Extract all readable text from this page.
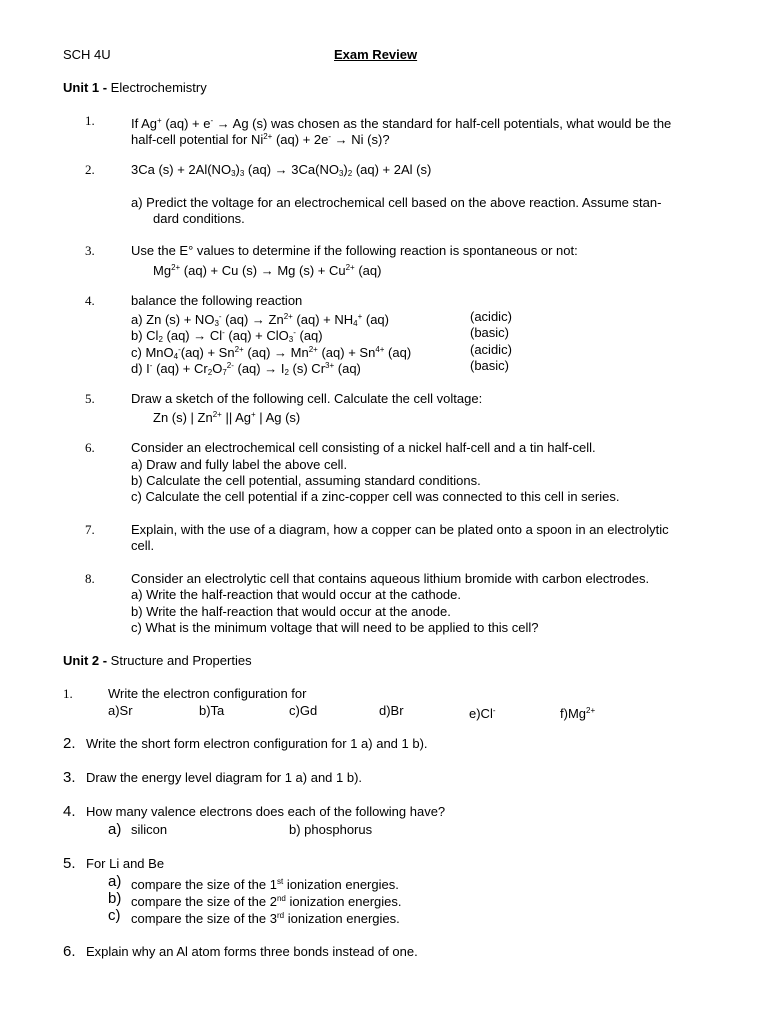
SCH 4U	Exam Review
Unit 1 - Electrochemistry
1.	If Ag+ (aq) + e- → Ag (s) was chosen as the standard for half-cell potentials, what would be the
half-cell potential for $Ni^{2+}$ (aq) + 2e- → Ni (s)?
2.	3Ca $(s) + 2Al(NO_3)_3$ $(aq) \to 3Ca(NO_3)_2$ (aq) + 2Al (s)
a) Predict the voltage for an electrochemical cell based on the above reaction. Assume stan-
dard conditions.
3.	Use the E° values to determine if the following reaction is spontaneous or not:
$Mg^{2+}$ (aq) + Cu (s) → Mg $(s) + Cu^{2+}$ (aq)
4.	balance the following reaction
a) Zn $(s) + NO_3^-$ $(aq) \to Zn^{2+}$ $(aq) + NH_4^+$ (aq)	(acidic)
b) $Cl_2$ (aq) → Cl- (aq) + ClO$_3$- (aq)	(basic)
c) $MnO_4^-(aq) + Sn^{2+}$ $(aq) \to Mn^{2+}$ $(aq) + Sn^{4+}$ (aq)	(acidic)
d) I- $(aq) + Cr_2O_7^{2-}$ $(aq) \to I_2$ (s) $Cr^{3+}$ (aq)	(basic)
5.	Draw a sketch of the following cell. Calculate the cell voltage:
Zn (s) | $Zn^{2+}$ || Ag+ | Ag (s)
6.	Consider an electrochemical cell consisting of a nickel half-cell and a tin half-cell.
a) Draw and fully label the above cell.
b) Calculate the cell potential, assuming standard conditions.
c) Calculate the cell potential if a zinc-copper cell was connected to this cell in series.
7.	Explain, with the use of a diagram, how a copper can be plated onto a spoon in an electrolytic
cell.
8.	Consider an electrolytic cell that contains aqueous lithium bromide with carbon electrodes.
a) Write the half-reaction that would occur at the cathode.
b) Write the half-reaction that would occur at the anode.
c) What is the minimum voltage that will need to be applied to this cell?
Unit 2 - Structure and Properties
1.	Write the electron configuration for
a)Sr	b)Ta	c)Gd	d)Br	e)Cl-	$f)Mg^{2+}$
2. Write the short form electron configuration for 1 a) and 1 b).
3. Draw the energy level diagram for 1 a) and 1 b).
4. How many valence electrons does each of the following have?
a) silicon	b) phosphorus
5. For Li and Be
a) compare the size of the 1st ionization energies.
b) compare the size of the 2nd ionization energies.
c) compare the size of the 3rd ionization energies.
6. Explain why an Al atom forms three bonds instead of one.
